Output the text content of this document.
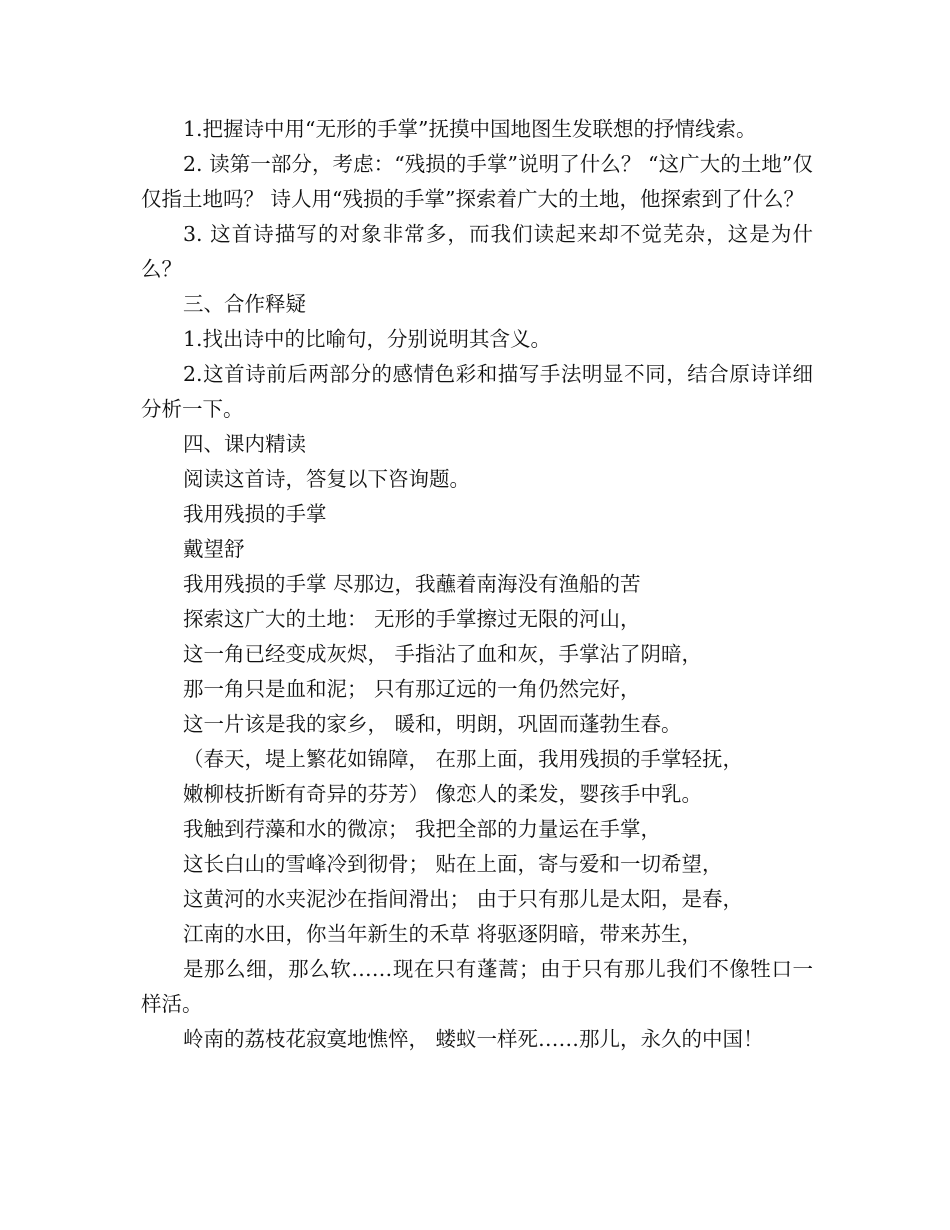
1.把握诗中用“无形的手掌”抚摸中国地图生发联想的抒情线索。

2. 读第一部分，考虑：“残损的手掌”说明了什么？ “这广大的土地”仅仅指土地吗？ 诗人用“残损的手掌”探索着广大的土地，他探索到了什么？

3. 这首诗描写的对象非常多，而我们读起来却不觉芜杂，这是为什么？

三、合作释疑

1.找出诗中的比喻句，分别说明其含义。

2.这首诗前后两部分的感情色彩和描写手法明显不同，结合原诗详细分析一下。

四、课内精读

阅读这首诗，答复以下咨询题。

我用残损的手掌

戴望舒

我用残损的手掌 尽那边，我蘸着南海没有渔船的苦

探索这广大的土地： 无形的手掌擦过无限的河山，

这一角已经变成灰烬， 手指沾了血和灰，手掌沾了阴暗，

那一角只是血和泥； 只有那辽远的一角仍然完好，

这一片该是我的家乡， 暖和，明朗，巩固而蓬勃生春。

（春天，堤上繁花如锦障， 在那上面，我用残损的手掌轻抚，

嫩柳枝折断有奇异的芬芳） 像恋人的柔发，婴孩手中乳。

我触到荇藻和水的微凉； 我把全部的力量运在手掌，

这长白山的雪峰冷到彻骨； 贴在上面，寄与爱和一切希望，

这黄河的水夹泥沙在指间滑出； 由于只有那儿是太阳，是春，

江南的水田，你当年新生的禾草 将驱逐阴暗，带来苏生，

是那么细，那么软……现在只有蓬蒿；由于只有那儿我们不像牲口一样活。

岭南的荔枝花寂寞地憔悴， 蝼蚁一样死……那儿，永久的中国！
